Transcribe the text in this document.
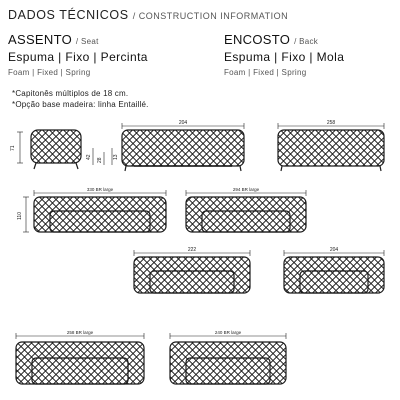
DADOS TÉCNICOS / CONSTRUCTION INFORMATION
ASSENTO / Seat
Espuma | Fixo | Percinta
Foam | Fixed | Spring
ENCOSTO / Back
Espuma | Fixo | Mola
Foam | Fixed | Spring
*Capitonês múltiplos de 18 cm.
*Opção base madeira: linha Entaillé.
71
204
42
28
13
258
330 BR large
110
294 BR large
222	204
258 BR large	240 BR large
